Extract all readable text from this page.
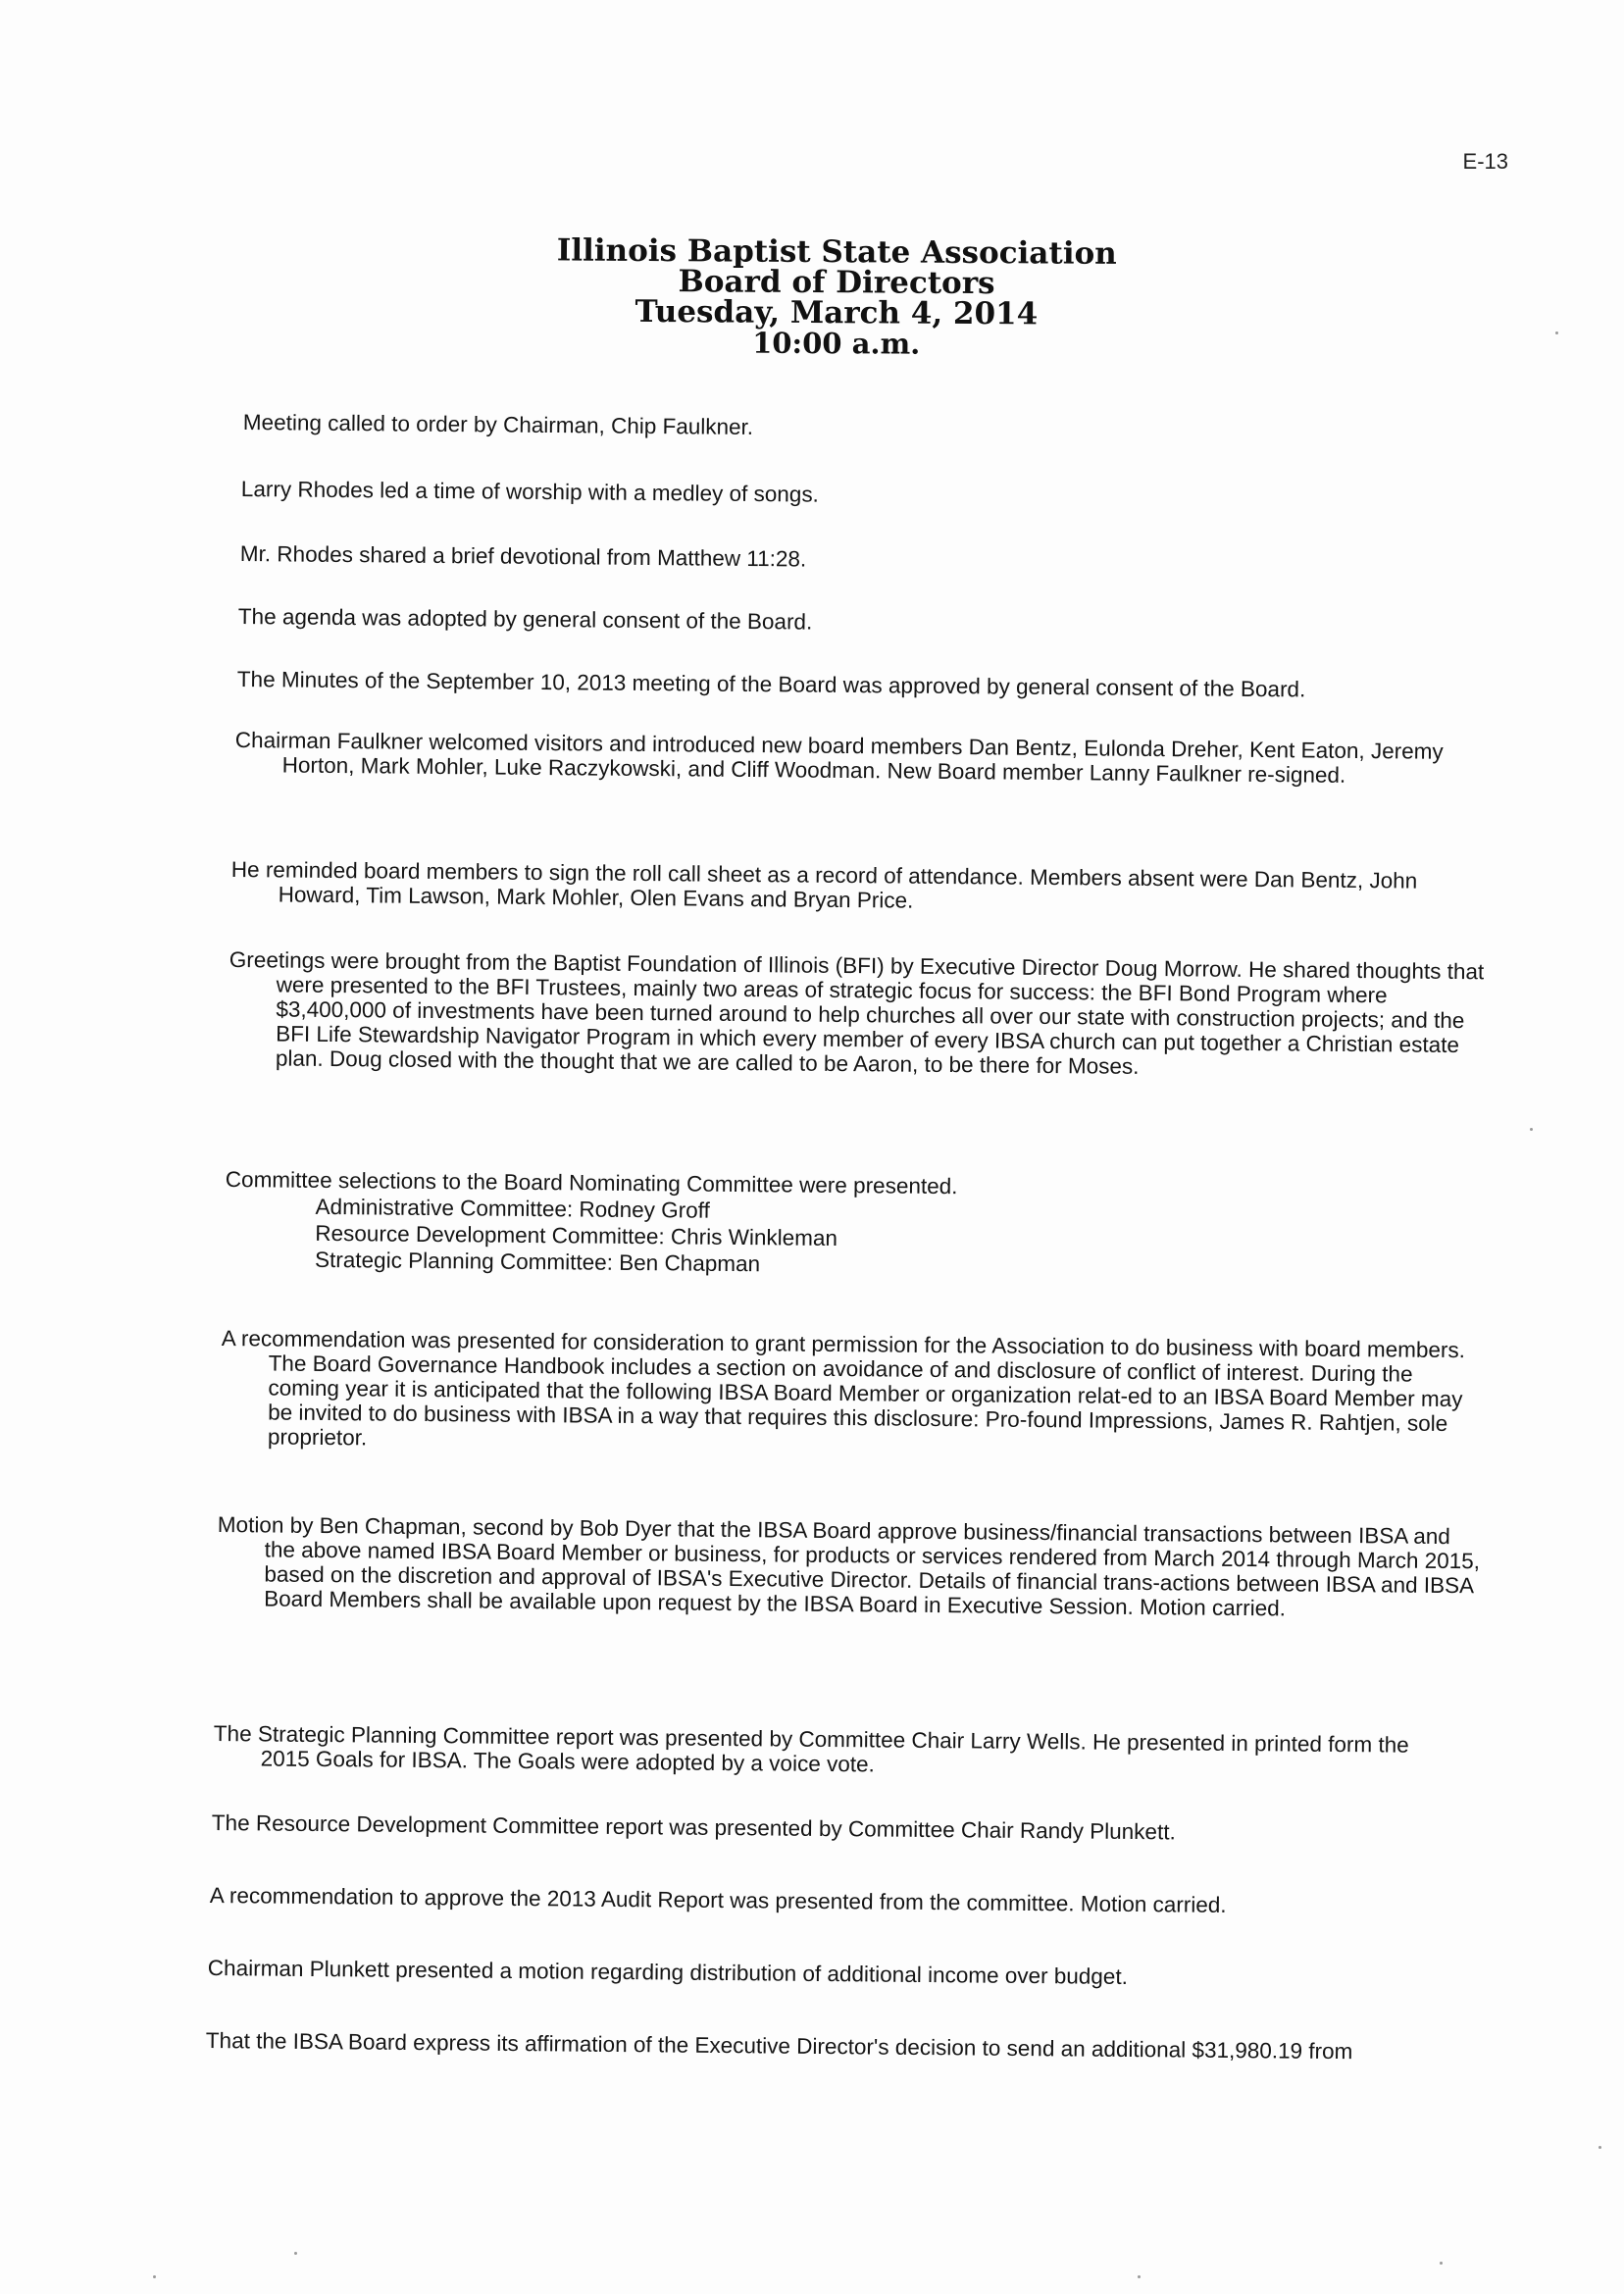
E-13
Illinois Baptist State Association
Board of Directors
Tuesday, March 4, 2014
10:00 a.m.

Meeting called to order by Chairman, Chip Faulkner.

Larry Rhodes led a time of worship with a medley of songs.

Mr. Rhodes shared a brief devotional from Matthew 11:28.

The agenda was adopted by general consent of the Board.

The Minutes of the September 10, 2013 meeting of the Board was approved by general consent of the Board.

Chairman Faulkner welcomed visitors and introduced new board members Dan Bentz, Eulonda Dreher, Kent Eaton, Jeremy Horton, Mark Mohler, Luke Raczykowski, and Cliff Woodman. New Board member Lanny Faulkner re-signed.

He reminded board members to sign the roll call sheet as a record of attendance. Members absent were Dan Bentz, John Howard, Tim Lawson, Mark Mohler, Olen Evans and Bryan Price.

Greetings were brought from the Baptist Foundation of Illinois (BFI) by Executive Director Doug Morrow. He shared thoughts that were presented to the BFI Trustees, mainly two areas of strategic focus for success: the BFI Bond Program where $3,400,000 of investments have been turned around to help churches all over our state with construction projects; and the BFI Life Stewardship Navigator Program in which every member of every IBSA church can put together a Christian estate plan. Doug closed with the thought that we are called to be Aaron, to be there for Moses.

Committee selections to the Board Nominating Committee were presented.

Administrative Committee: Rodney Groff
Resource Development Committee: Chris Winkleman
Strategic Planning Committee: Ben Chapman

A recommendation was presented for consideration to grant permission for the Association to do business with board members. The Board Governance Handbook includes a section on avoidance of and disclosure of conflict of interest. During the coming year it is anticipated that the following IBSA Board Member or organization relat-ed to an IBSA Board Member may be invited to do business with IBSA in a way that requires this disclosure: Pro-found Impressions, James R. Rahtjen, sole proprietor.

Motion by Ben Chapman, second by Bob Dyer that the IBSA Board approve business/financial transactions between IBSA and the above named IBSA Board Member or business, for products or services rendered from March 2014 through March 2015, based on the discretion and approval of IBSA's Executive Director. Details of financial trans-actions between IBSA and IBSA Board Members shall be available upon request by the IBSA Board in Executive Session. Motion carried.

The Strategic Planning Committee report was presented by Committee Chair Larry Wells. He presented in printed form the 2015 Goals for IBSA. The Goals were adopted by a voice vote.

The Resource Development Committee report was presented by Committee Chair Randy Plunkett.

A recommendation to approve the 2013 Audit Report was presented from the committee. Motion carried.

Chairman Plunkett presented a motion regarding distribution of additional income over budget.

That the IBSA Board express its affirmation of the Executive Director's decision to send an additional $31,980.19 from
